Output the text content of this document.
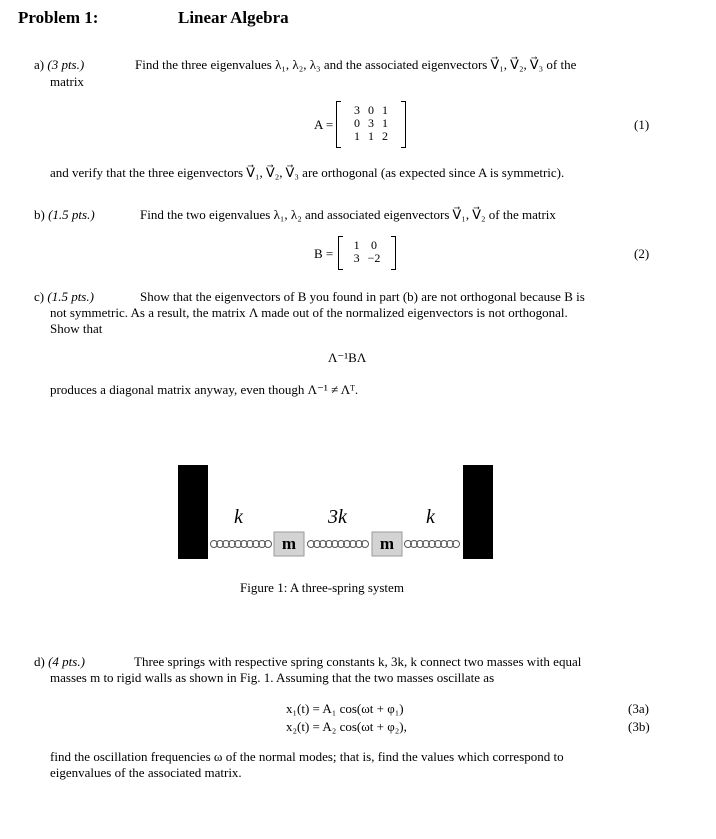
Problem 1:	Linear Algebra
a) (3 pts.)	Find the three eigenvalues λ₁, λ₂, λ₃ and the associated eigenvectors V⃗₁, V⃗₂, V⃗₃ of the
matrix
A =
3	0	1
0	3	1
1	1	2
(1)
and verify that the three eigenvectors V⃗₁, V⃗₂, V⃗₃ are orthogonal (as expected since A is symmetric).
b) (1.5 pts.)	Find the two eigenvalues λ₁, λ₂ and associated eigenvectors V⃗₁, V⃗₂ of the matrix
B =
1	0
3	−2	(2)
c) (1.5 pts.)	Show that the eigenvectors of B you found in part (b) are not orthogonal because B is
not symmetric. As a result, the matrix Λ made out of the normalized eigenvectors is not orthogonal.
Show that
Λ⁻¹BΛ
produces a diagonal matrix anyway, even though Λ⁻¹ ≠ Λᵀ.
k	3k	k
m	m
Figure 1: A three-spring system
d) (4 pts.)	Three springs with respective spring constants k, 3k, k connect two masses with equal
masses m to rigid walls as shown in Fig. 1. Assuming that the two masses oscillate as
x₁(t) = A₁ cos(ωt + φ₁)	(3a)
x₂(t) = A₂ cos(ωt + φ₂),	(3b)
find the oscillation frequencies ω of the normal modes; that is, find the values which correspond to
eigenvalues of the associated matrix.
